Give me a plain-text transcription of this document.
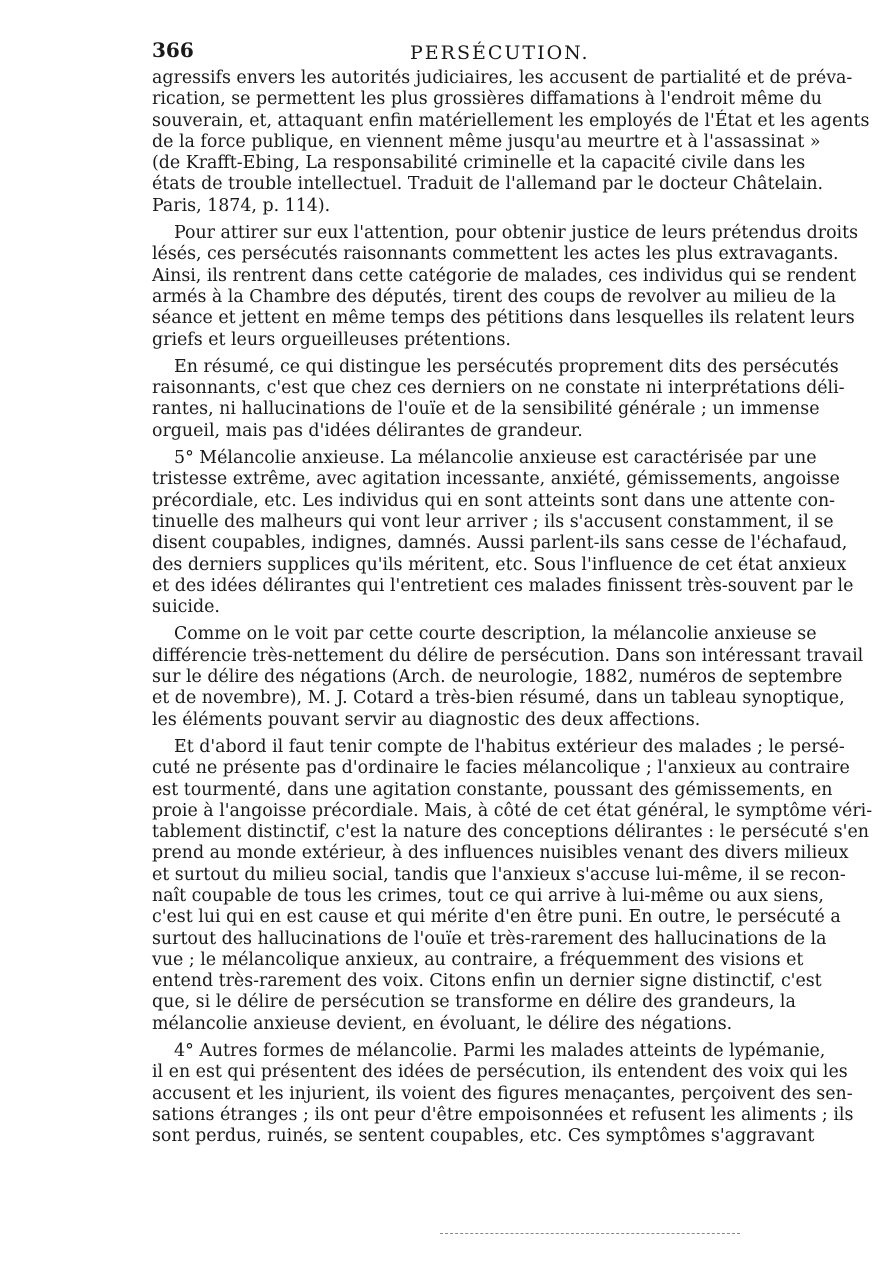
366	PERSÉCUTION.
agressifs envers les autorités judiciaires, les accusent de partialité et de préva-
rication, se permettent les plus grossières diffamations à l'endroit même du
souverain, et, attaquant enfin matériellement les employés de l'État et les agents
de la force publique, en viennent même jusqu'au meurtre et à l'assassinat »
(de Krafft-Ebing, La responsabilité criminelle et la capacité civile dans les
états de trouble intellectuel. Traduit de l'allemand par le docteur Châtelain.
Paris, 1874, p. 114).
Pour attirer sur eux l'attention, pour obtenir justice de leurs prétendus droits
lésés, ces persécutés raisonnants commettent les actes les plus extravagants.
Ainsi, ils rentrent dans cette catégorie de malades, ces individus qui se rendent
armés à la Chambre des députés, tirent des coups de revolver au milieu de la
séance et jettent en même temps des pétitions dans lesquelles ils relatent leurs
griefs et leurs orgueilleuses prétentions.
En résumé, ce qui distingue les persécutés proprement dits des persécutés
raisonnants, c'est que chez ces derniers on ne constate ni interprétations déli-
rantes, ni hallucinations de l'ouïe et de la sensibilité générale ; un immense
orgueil, mais pas d'idées délirantes de grandeur.
5° Mélancolie anxieuse. La mélancolie anxieuse est caractérisée par une
tristesse extrême, avec agitation incessante, anxiété, gémissements, angoisse
précordiale, etc. Les individus qui en sont atteints sont dans une attente con-
tinuelle des malheurs qui vont leur arriver ; ils s'accusent constamment, il se
disent coupables, indignes, damnés. Aussi parlent-ils sans cesse de l'échafaud,
des derniers supplices qu'ils méritent, etc. Sous l'influence de cet état anxieux
et des idées délirantes qui l'entretient ces malades finissent très-souvent par le
suicide.
Comme on le voit par cette courte description, la mélancolie anxieuse se
différencie très-nettement du délire de persécution. Dans son intéressant travail
sur le délire des négations (Arch. de neurologie, 1882, numéros de septembre
et de novembre), M. J. Cotard a très-bien résumé, dans un tableau synoptique,
les éléments pouvant servir au diagnostic des deux affections.
Et d'abord il faut tenir compte de l'habitus extérieur des malades ; le persé-
cuté ne présente pas d'ordinaire le facies mélancolique ; l'anxieux au contraire
est tourmenté, dans une agitation constante, poussant des gémissements, en
proie à l'angoisse précordiale. Mais, à côté de cet état général, le symptôme véri-
tablement distinctif, c'est la nature des conceptions délirantes : le persécuté s'en
prend au monde extérieur, à des influences nuisibles venant des divers milieux
et surtout du milieu social, tandis que l'anxieux s'accuse lui-même, il se recon-
naît coupable de tous les crimes, tout ce qui arrive à lui-même ou aux siens,
c'est lui qui en est cause et qui mérite d'en être puni. En outre, le persécuté a
surtout des hallucinations de l'ouïe et très-rarement des hallucinations de la
vue ; le mélancolique anxieux, au contraire, a fréquemment des visions et
entend très-rarement des voix. Citons enfin un dernier signe distinctif, c'est
que, si le délire de persécution se transforme en délire des grandeurs, la
mélancolie anxieuse devient, en évoluant, le délire des négations.
4° Autres formes de mélancolie. Parmi les malades atteints de lypémanie,
il en est qui présentent des idées de persécution, ils entendent des voix qui les
accusent et les injurient, ils voient des figures menaçantes, perçoivent des sen-
sations étranges ; ils ont peur d'être empoisonnées et refusent les aliments ; ils
sont perdus, ruinés, se sentent coupables, etc. Ces symptômes s'aggravant
